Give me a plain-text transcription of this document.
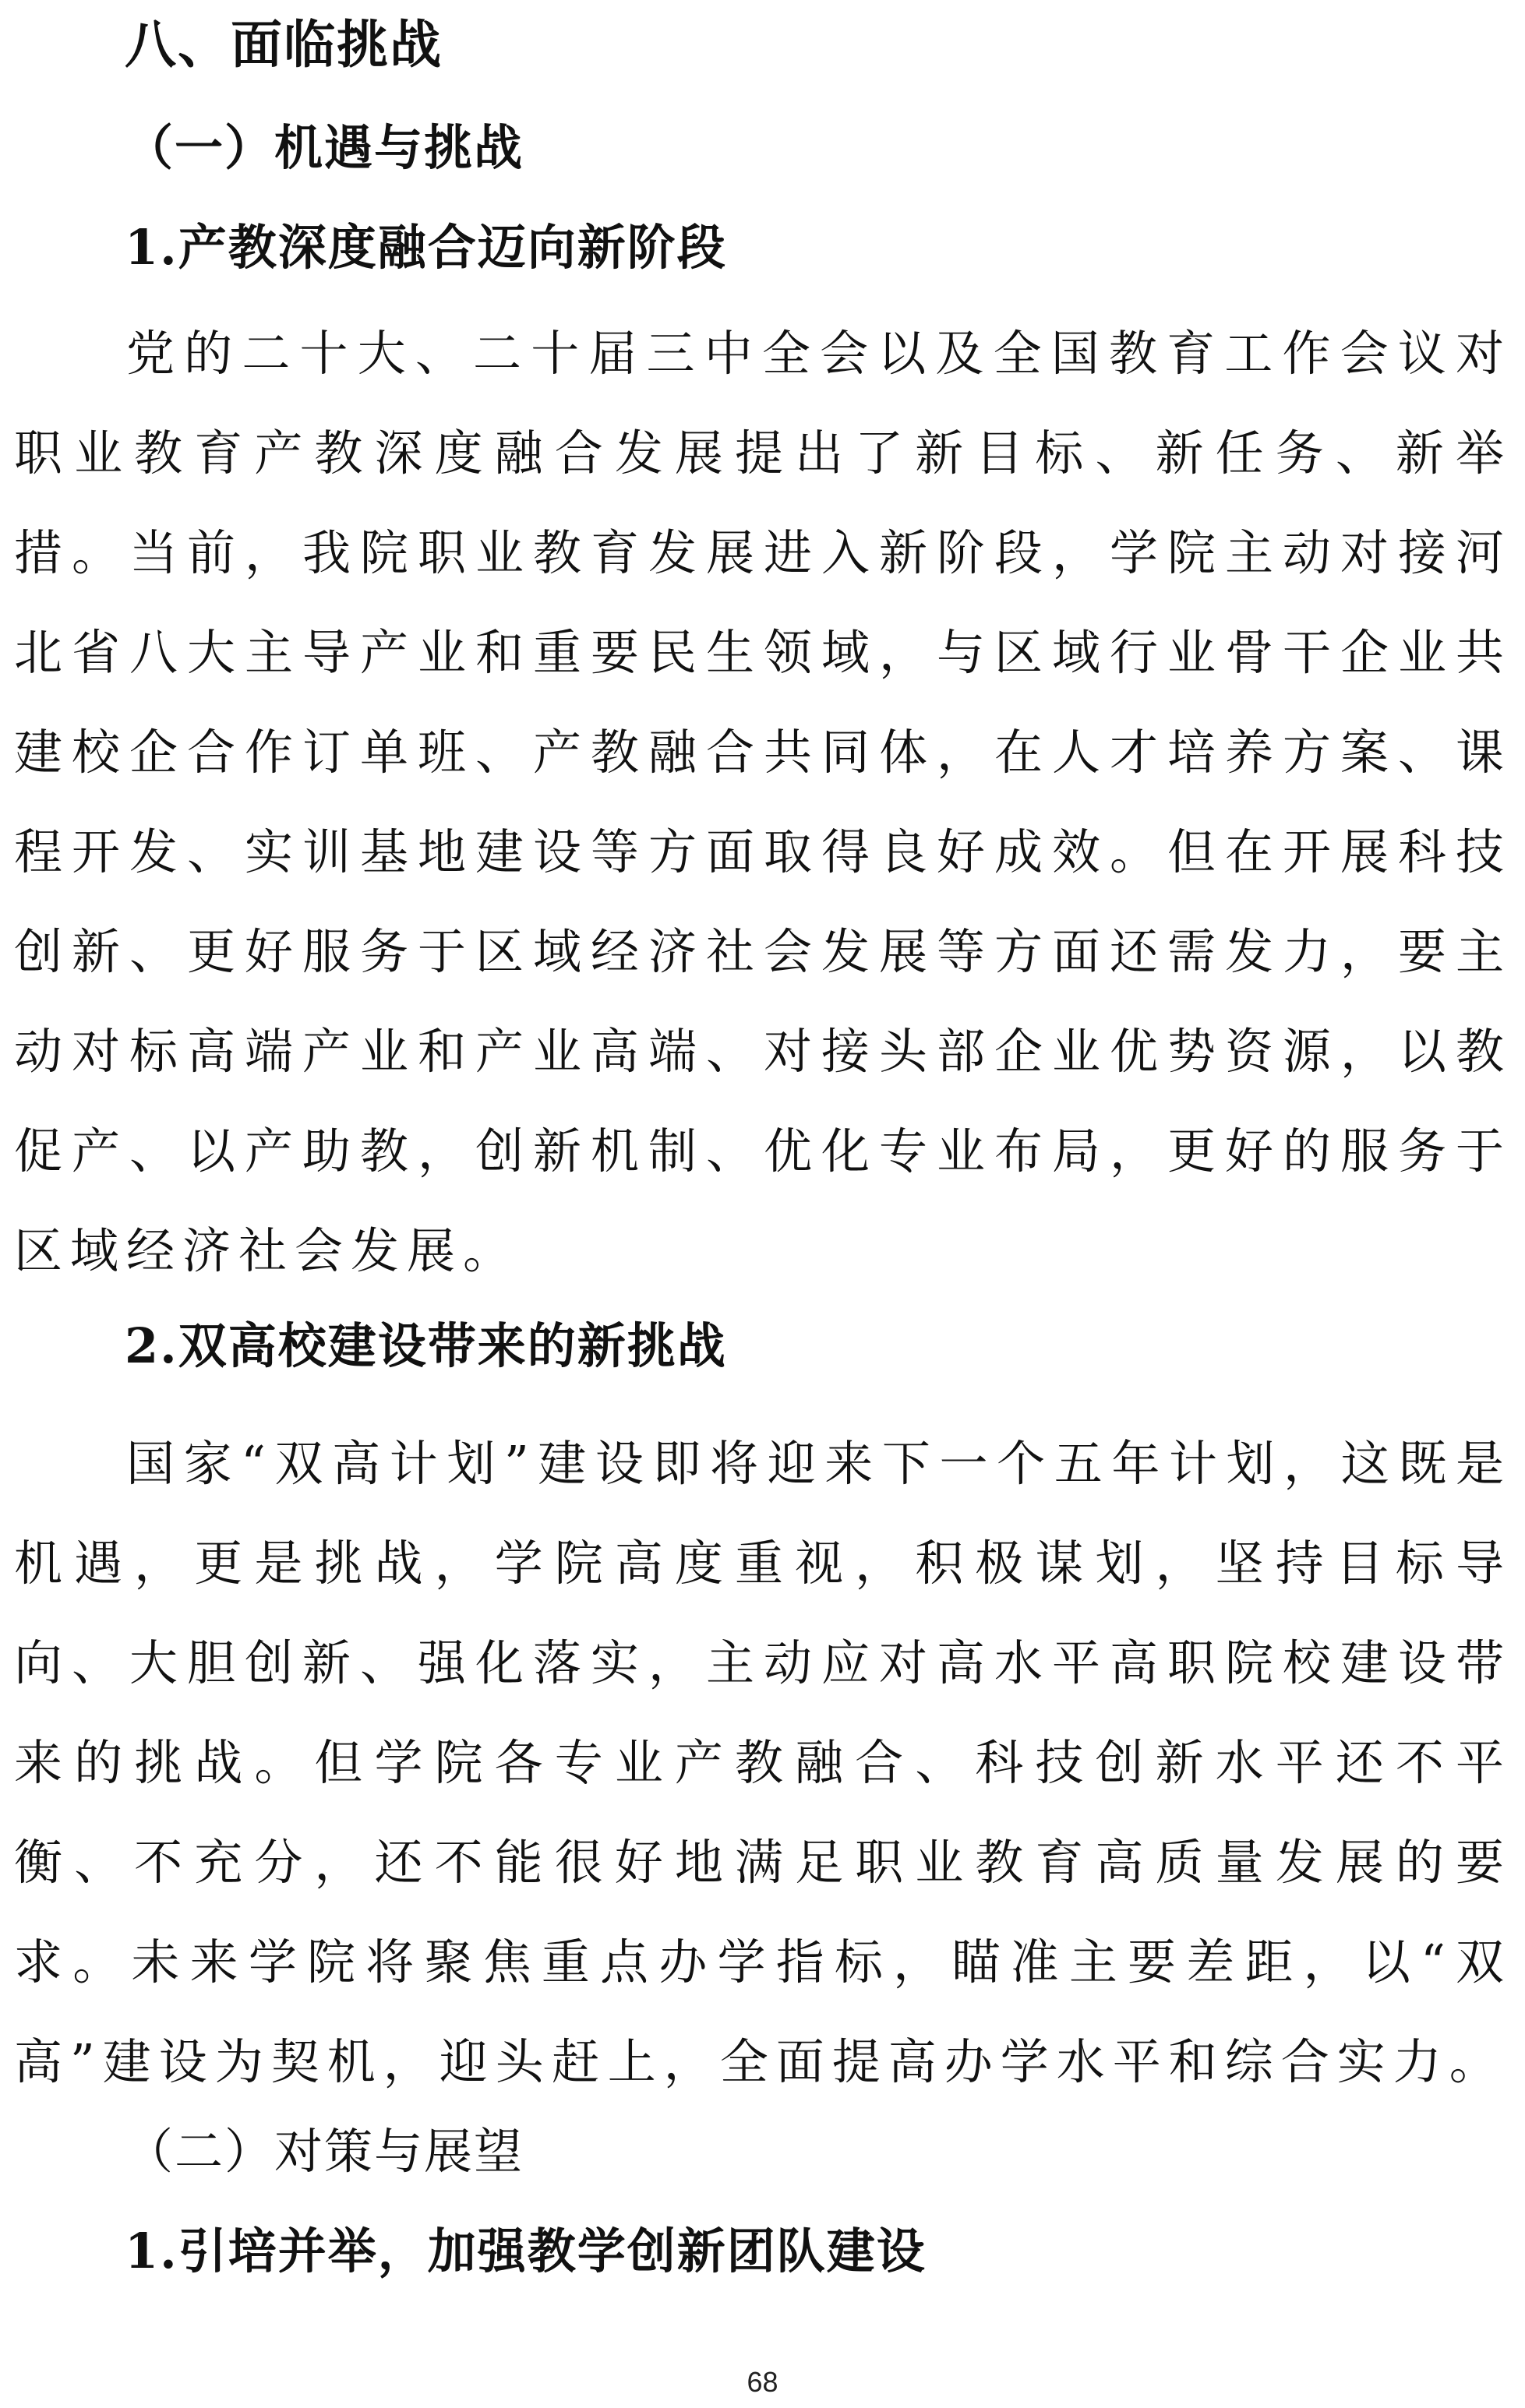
八、面临挑战
（一）机遇与挑战
1.产教深度融合迈向新阶段

党的二十大、二十届三中全会以及全国教育工作会议对职业教育产教深度融合发展提出了新目标、新任务、新举措。当前，我院职业教育发展进入新阶段，学院主动对接河北省八大主导产业和重要民生领域，与区域行业骨干企业共建校企合作订单班、产教融合共同体，在人才培养方案、课程开发、实训基地建设等方面取得良好成效。但在开展科技创新、更好服务于区域经济社会发展等方面还需发力，要主动对标高端产业和产业高端、对接头部企业优势资源，以教促产、以产助教，创新机制、优化专业布局，更好的服务于区域经济社会发展。

2.双高校建设带来的新挑战

国家“双高计划”建设即将迎来下一个五年计划，这既是机遇，更是挑战，学院高度重视，积极谋划，坚持目标导向、大胆创新、强化落实，主动应对高水平高职院校建设带来的挑战。但学院各专业产教融合、科技创新水平还不平衡、不充分，还不能很好地满足职业教育高质量发展的要求。未来学院将聚焦重点办学指标，瞄准主要差距，以“双高”建设为契机，迎头赶上，全面提高办学水平和综合实力。

（二）对策与展望
1.引培并举，加强教学创新团队建设
68
